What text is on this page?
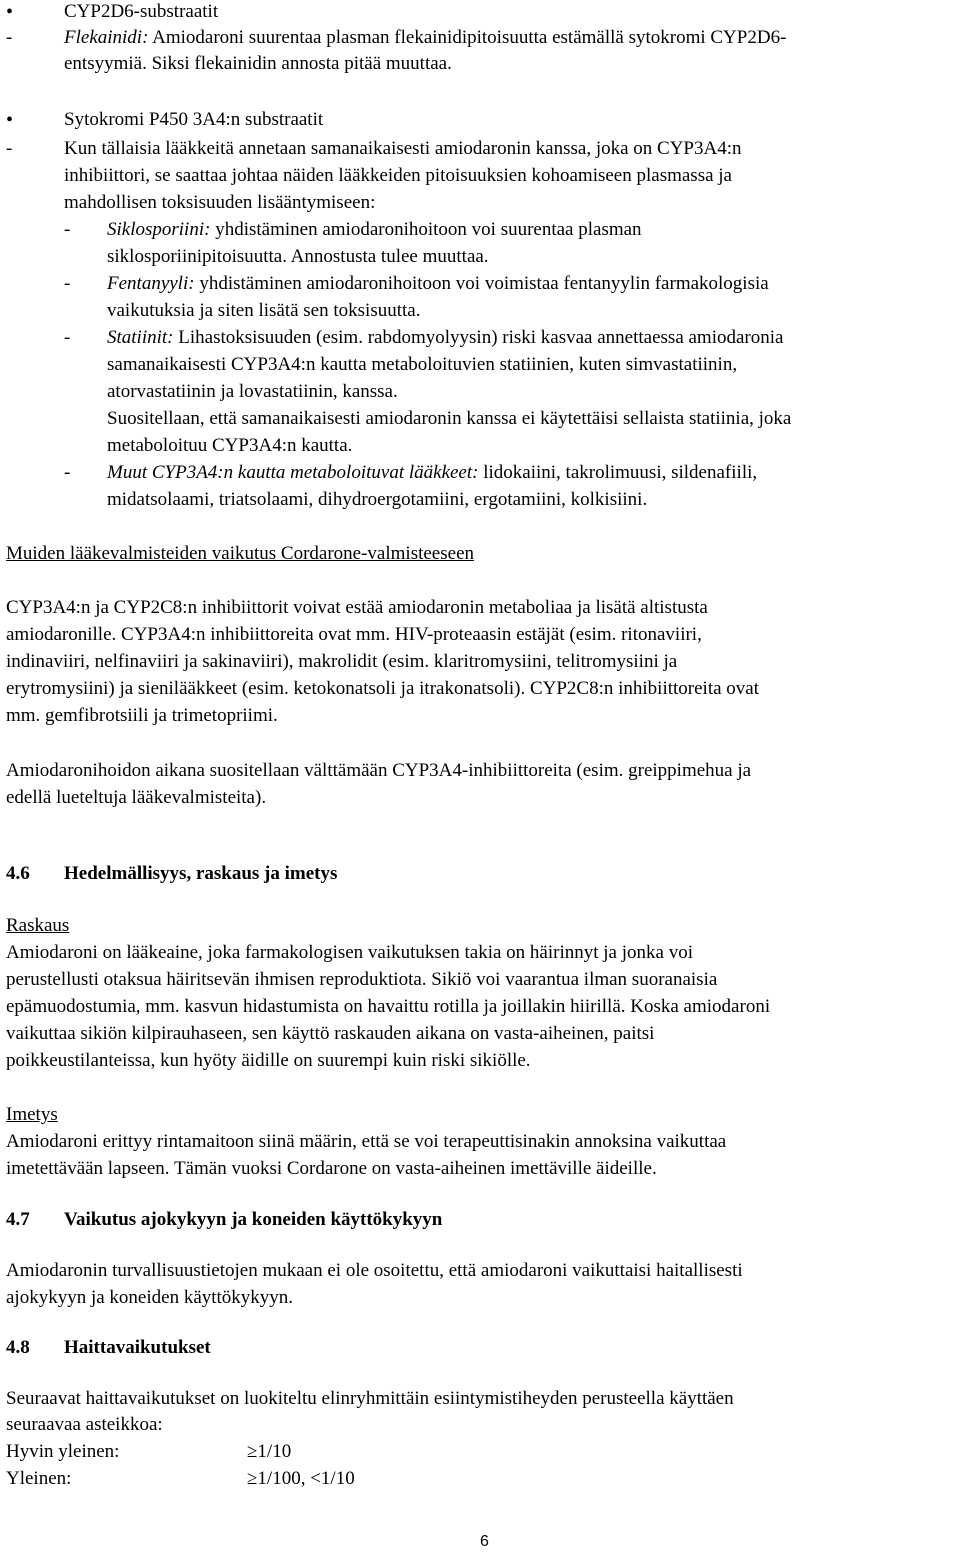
•	CYP2D6-substraatit
-	Flekainidi: Amiodaroni suurentaa plasman flekainidipitoisuutta estämällä sytokromi CYP2D6-
entsyymiä. Siksi flekainidin annosta pitää muuttaa.
•	Sytokromi P450 3A4:n substraatit
-	Kun tällaisia lääkkeitä annetaan samanaikaisesti amiodaronin kanssa, joka on CYP3A4:n
inhibiittori, se saattaa johtaa näiden lääkkeiden pitoisuuksien kohoamiseen plasmassa ja
mahdollisen toksisuuden lisääntymiseen:
- Siklosporiini: yhdistäminen amiodaronihoitoon voi suurentaa plasman
siklosporiinipitoisuutta. Annostusta tulee muuttaa.
- Fentanyyli: yhdistäminen amiodaronihoitoon voi voimistaa fentanyylin farmakologisia
vaikutuksia ja siten lisätä sen toksisuutta.
- Statiinit: Lihastoksisuuden (esim. rabdomyolyysin) riski kasvaa annettaessa amiodaronia
samanaikaisesti CYP3A4:n kautta metaboloituvien statiinien, kuten simvastatiinin,
atorvastatiinin ja lovastatiinin, kanssa.
Suositellaan, että samanaikaisesti amiodaronin kanssa ei käytettäisi sellaista statiinia, joka
metaboloituu CYP3A4:n kautta.
- Muut CYP3A4:n kautta metaboloituvat lääkkeet: lidokaiini, takrolimuusi, sildenafiili,
midatsolaami, triatsolaami, dihydroergotamiini, ergotamiini, kolkisiini.
Muiden lääkevalmisteiden vaikutus Cordarone-valmisteeseen
CYP3A4:n ja CYP2C8:n inhibiittorit voivat estää amiodaronin metaboliaa ja lisätä altistusta
amiodaronille. CYP3A4:n inhibiittoreita ovat mm. HIV-proteaasin estäjät (esim. ritonaviiri,
indinaviiri, nelfinaviiri ja sakinaviiri), makrolidit (esim. klaritromysiini, telitromysiini ja
erytromysiini) ja sienilääkkeet (esim. ketokonatsoli ja itrakonatsoli). CYP2C8:n inhibiittoreita ovat
mm. gemfibrotsiili ja trimetopriimi.
Amiodaronihoidon aikana suositellaan välttämään CYP3A4-inhibiittoreita (esim. greippimehua ja
edellä lueteltuja lääkevalmisteita).
4.6 Hedelmällisyys, raskaus ja imetys
Raskaus
Amiodaroni on lääkeaine, joka farmakologisen vaikutuksen takia on häirinnyt ja jonka voi
perustellusti otaksua häiritsevän ihmisen reproduktiota. Sikiö voi vaarantua ilman suoranaisia
epämuodostumia, mm. kasvun hidastumista on havaittu rotilla ja joillakin hiirillä. Koska amiodaroni
vaikuttaa sikiön kilpirauhaseen, sen käyttö raskauden aikana on vasta-aiheinen, paitsi
poikkeustilanteissa, kun hyöty äidille on suurempi kuin riski sikiölle.
Imetys
Amiodaroni erittyy rintamaitoon siinä määrin, että se voi terapeuttisinakin annoksina vaikuttaa
imetettävään lapseen. Tämän vuoksi Cordarone on vasta-aiheinen imettäville äideille.
4.7 Vaikutus ajokykyyn ja koneiden käyttökykyyn
Amiodaronin turvallisuustietojen mukaan ei ole osoitettu, että amiodaroni vaikuttaisi haitallisesti
ajokykyyn ja koneiden käyttökykyyn.
4.8 Haittavaikutukset
Seuraavat haittavaikutukset on luokiteltu elinryhmittäin esiintymistiheyden perusteella käyttäen
seuraavaa asteikkoa:
Hyvin yleinen:	≥1/10
Yleinen:	≥1/100, <1/10
6
